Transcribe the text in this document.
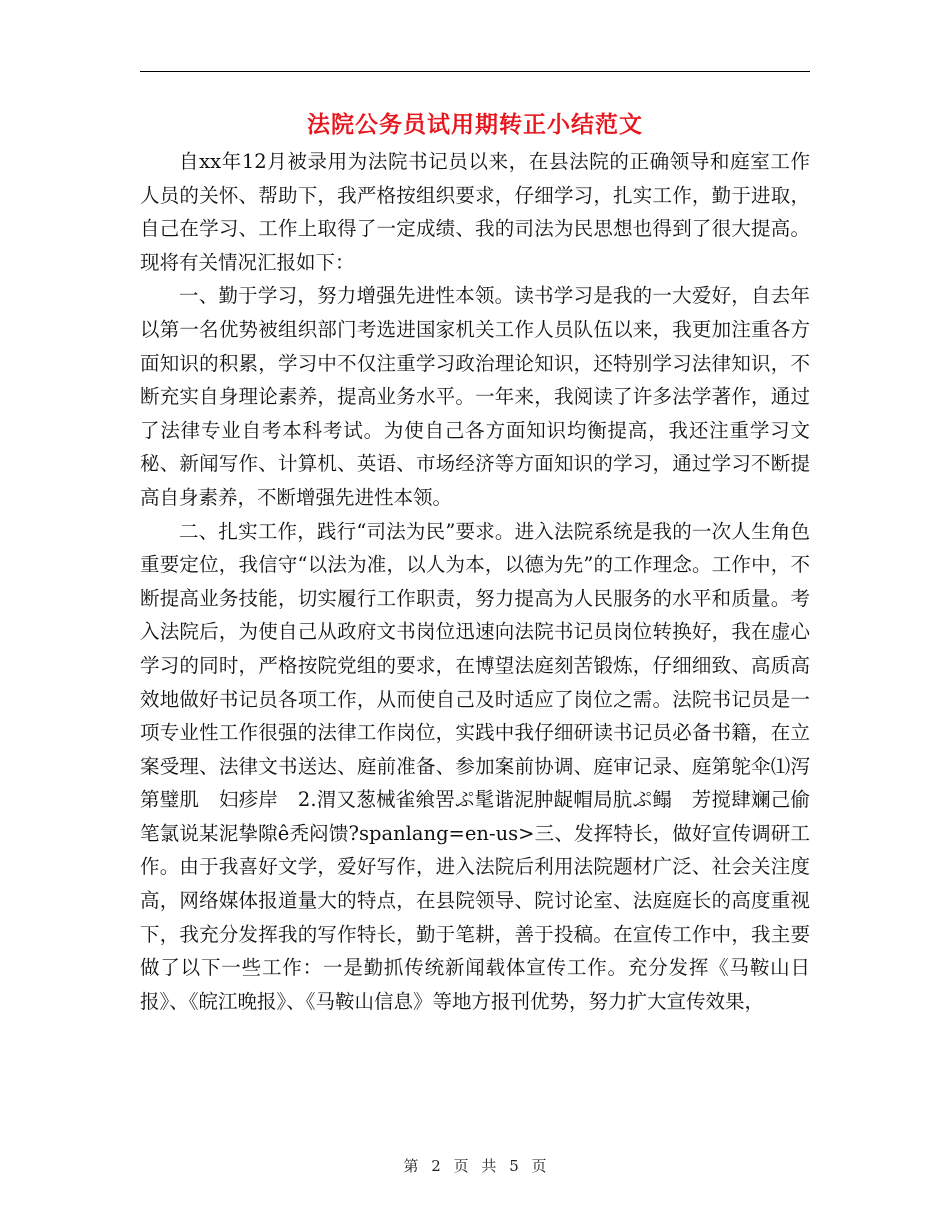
法院公务员试用期转正小结范文

自xx年12月被录用为法院书记员以来，在县法院的正确领导和庭室工作人员的关怀、帮助下，我严格按组织要求，仔细学习，扎实工作，勤于进取，自己在学习、工作上取得了一定成绩、我的司法为民思想也得到了很大提高。现将有关情况汇报如下：

一、勤于学习，努力增强先进性本领。读书学习是我的一大爱好，自去年以第一名优势被组织部门考选进国家机关工作人员队伍以来，我更加注重各方面知识的积累，学习中不仅注重学习政治理论知识，还特别学习法律知识，不断充实自身理论素养，提高业务水平。一年来，我阅读了许多法学著作，通过了法律专业自考本科考试。为使自己各方面知识均衡提高，我还注重学习文秘、新闻写作、计算机、英语、市场经济等方面知识的学习，通过学习不断提高自身素养，不断增强先进性本领。

二、扎实工作，践行“司法为民”要求。进入法院系统是我的一次人生角色重要定位，我信守“以法为准，以人为本，以德为先”的工作理念。工作中，不断提高业务技能，切实履行工作职责，努力提高为人民服务的水平和质量。考入法院后，为使自己从政府文书岗位迅速向法院书记员岗位转换好，我在虚心学习的同时，严格按院党组的要求，在博望法庭刻苦锻炼，仔细细致、高质高效地做好书记员各项工作，从而使自己及时适应了岗位之需。法院书记员是一项专业性工作很强的法律工作岗位，实践中我仔细研读书记员必备书籍，在立案受理、法律文书送达、庭前准备、参加案前协调、庭审记录、庭第鸵伞⑴泻第璧肌　妇疹岸　2.渭又葱械雀飨罟ぷ髦谐泥肿龊帽局肮ぷ鳎　芳搅肆斓己偷笔氯说某泥挚隙ê秃闷馈?spanlang=en-us>三、发挥特长，做好宣传调研工作。由于我喜好文学，爱好写作，进入法院后利用法院题材广泛、社会关注度高，网络媒体报道量大的特点，在县院领导、院讨论室、法庭庭长的高度重视下，我充分发挥我的写作特长，勤于笔耕，善于投稿。在宣传工作中，我主要做了以下一些工作：一是勤抓传统新闻载体宣传工作。充分发挥《马鞍山日报》、《皖江晚报》、《马鞍山信息》等地方报刊优势，努力扩大宣传效果，

第 2 页 共 5 页
